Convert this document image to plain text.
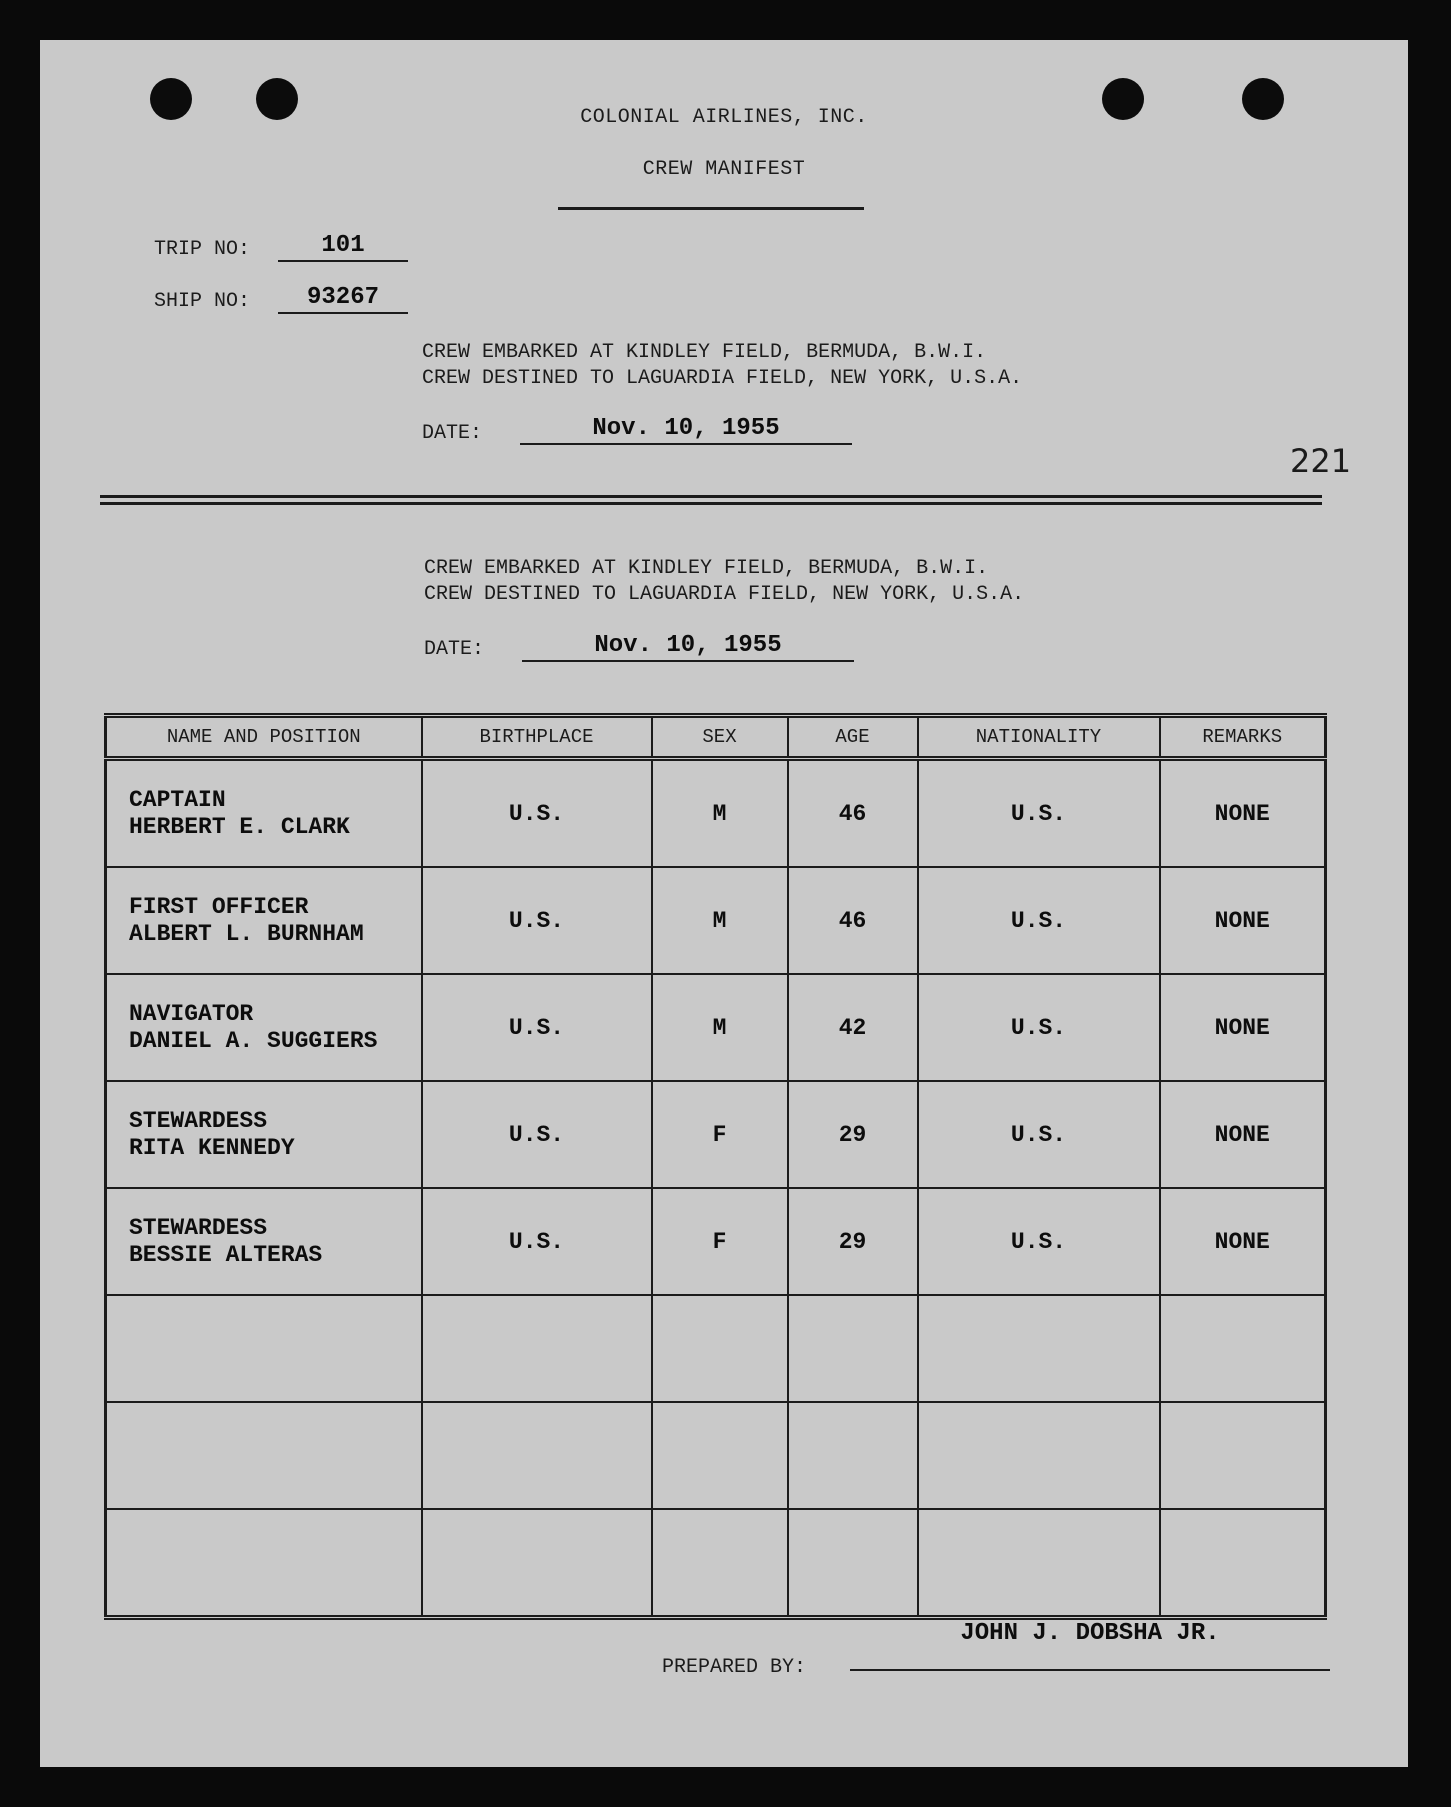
COLONIAL AIRLINES, INC.
CREW MANIFEST
TRIP NO:	101
SHIP NO:	93267
CREW EMBARKED AT KINDLEY FIELD, BERMUDA, B.W.I.
CREW DESTINED TO LAGUARDIA FIELD, NEW YORK, U.S.A.
DATE:	Nov. 10, 1955
221
CREW EMBARKED AT KINDLEY FIELD, BERMUDA, B.W.I.
CREW DESTINED TO LAGUARDIA FIELD, NEW YORK, U.S.A.
DATE:	Nov. 10, 1955
NAME AND POSITION	BIRTHPLACE	SEX	AGE	NATIONALITY	REMARKS

CAPTAIN
HERBERT E. CLARK	U.S.	M	46	U.S.	NONE

FIRST OFFICER
ALBERT L. BURNHAM	U.S.	M	46	U.S.	NONE

NAVIGATOR
DANIEL A. SUGGIERS	U.S.	M	42	U.S.	NONE

STEWARDESS
RITA KENNEDY	U.S.	F	29	U.S.	NONE

STEWARDESS
BESSIE ALTERAS	U.S.	F	29	U.S.	NONE

PREPARED BY:
JOHN J. DOBSHA JR.
